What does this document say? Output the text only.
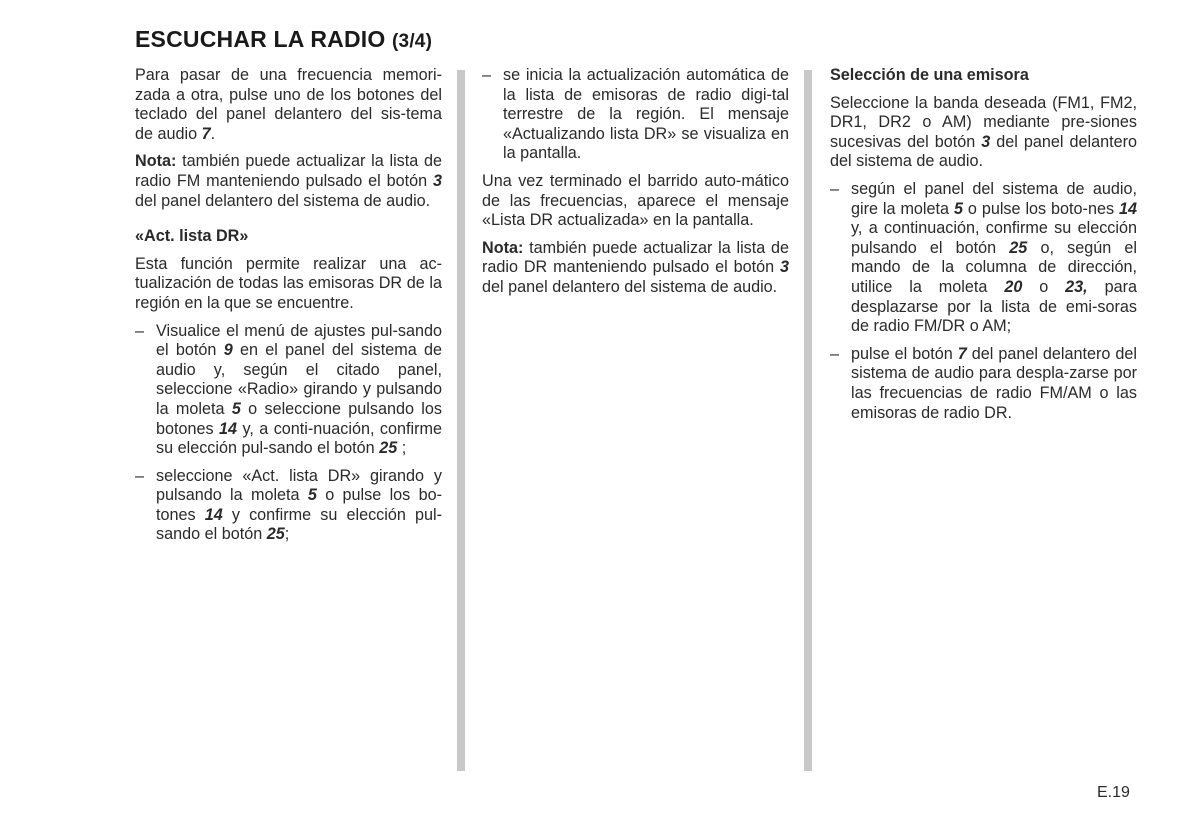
ESCUCHAR LA RADIO (3/4)

Para pasar de una frecuencia memori-zada a otra, pulse uno de los botones del teclado del panel delantero del sis-tema de audio 7.

Nota: también puede actualizar la lista de radio FM manteniendo pulsado el botón 3 del panel delantero del sistema de audio.

«Act. lista DR»

Esta función permite realizar una ac-tualización de todas las emisoras DR de la región en la que se encuentre.

– Visualice el menú de ajustes pul-sando el botón 9 en el panel del sistema de audio y, según el citado panel, seleccione «Radio» girando y pulsando la moleta 5 o seleccione pulsando los botones 14 y, a conti-nuación, confirme su elección pul-sando el botón 25 ;
– seleccione «Act. lista DR» girando y pulsando la moleta 5 o pulse los bo-tones 14 y confirme su elección pul-sando el botón 25;
– se inicia la actualización automática de la lista de emisoras de radio digi-tal terrestre de la región. El mensaje «Actualizando lista DR» se visualiza en la pantalla.

Una vez terminado el barrido auto-mático de las frecuencias, aparece el mensaje «Lista DR actualizada» en la pantalla.

Nota: también puede actualizar la lista de radio DR manteniendo pulsado el botón 3 del panel delantero del sistema de audio.

Selección de una emisora

Seleccione la banda deseada (FM1, FM2, DR1, DR2 o AM) mediante pre-siones sucesivas del botón 3 del panel delantero del sistema de audio.

– según el panel del sistema de audio, gire la moleta 5 o pulse los boto-nes 14 y, a continuación, confirme su elección pulsando el botón 25 o, según el mando de la columna de dirección, utilice la moleta 20 o 23, para desplazarse por la lista de emi-soras de radio FM/DR o AM;
– pulse el botón 7 del panel delantero del sistema de audio para despla-zarse por las frecuencias de radio FM/AM o las emisoras de radio DR.
E.19
